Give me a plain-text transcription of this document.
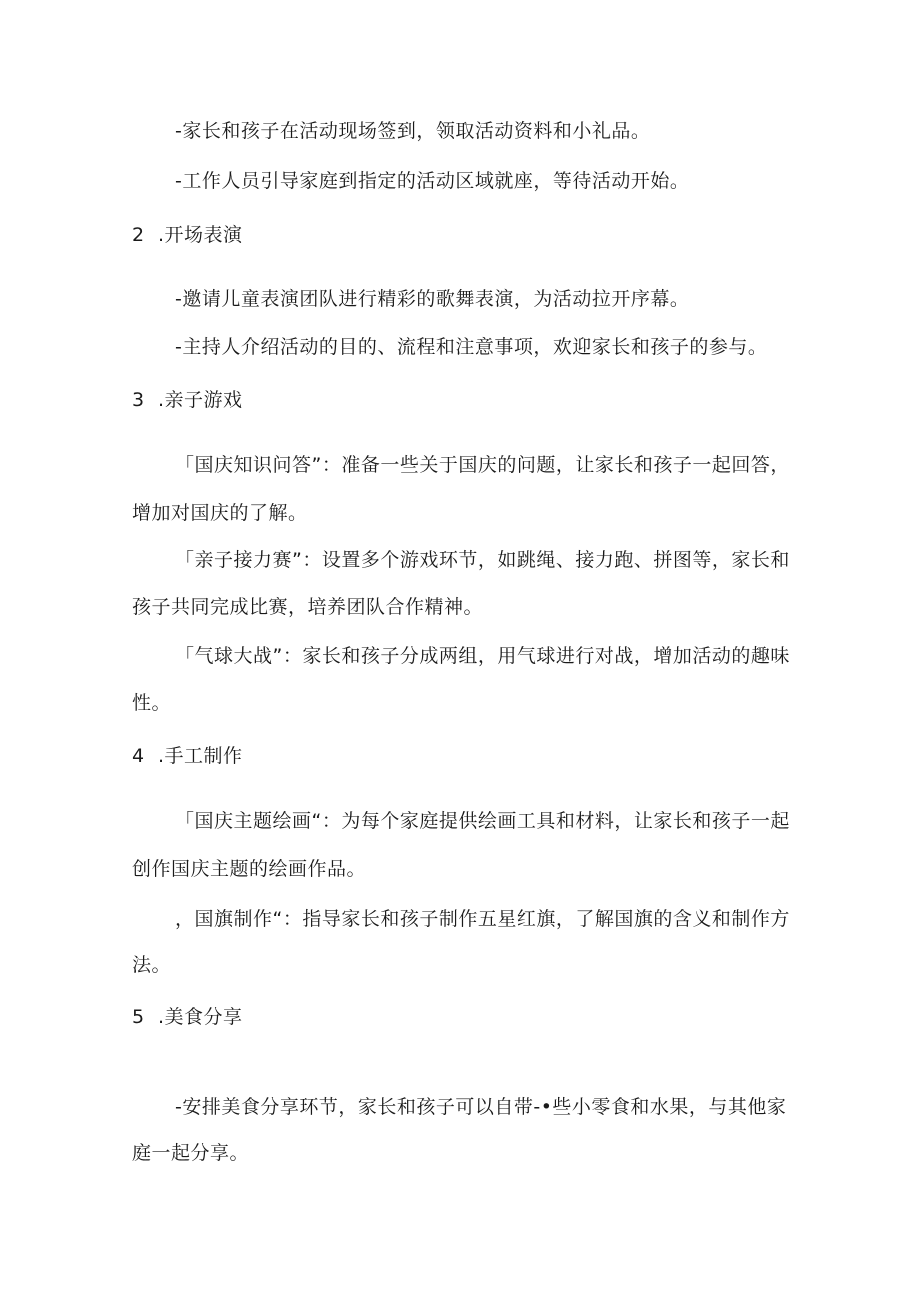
-家长和孩子在活动现场签到，领取活动资料和小礼品。

-工作人员引导家庭到指定的活动区域就座，等待活动开始。

2 .开场表演

-邀请儿童表演团队进行精彩的歌舞表演，为活动拉开序幕。

-主持人介绍活动的目的、流程和注意事项，欢迎家长和孩子的参与。

3 .亲子游戏

「国庆知识问答”：准备一些关于国庆的问题，让家长和孩子一起回答，

增加对国庆的了解。

「亲子接力赛”：设置多个游戏环节，如跳绳、接力跑、拼图等，家长和

孩子共同完成比赛，培养团队合作精神。

「气球大战”：家长和孩子分成两组，用气球进行对战，增加活动的趣味

性。

4 .手工制作

「国庆主题绘画“：为每个家庭提供绘画工具和材料，让家长和孩子一起

创作国庆主题的绘画作品。

，国旗制作“：指导家长和孩子制作五星红旗，了解国旗的含义和制作方

法。

5 .美食分享

-安排美食分享环节，家长和孩子可以自带-•些小零食和水果，与其他家

庭一起分享。
